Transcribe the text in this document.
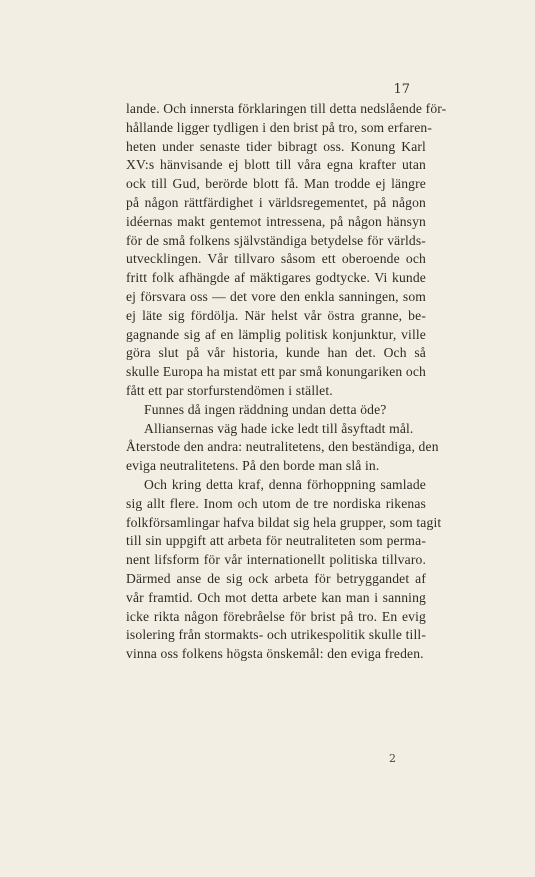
17
lande. Och innersta förklaringen till detta nedslående för-
hållande ligger tydligen i den brist på tro, som erfaren-
heten under senaste tider bibragt oss. Konung Karl
XV:s hänvisande ej blott till våra egna krafter utan
ock till Gud, berörde blott få. Man trodde ej längre
på någon rättfärdighet i världsregementet, på någon
idéernas makt gentemot intressena, på någon hänsyn
för de små folkens självständiga betydelse för världs-
utvecklingen. Vår tillvaro såsom ett oberoende och
fritt folk afhängde af mäktigares godtycke. Vi kunde
ej försvara oss — det vore den enkla sanningen, som
ej läte sig fördölja. När helst vår östra granne, be-
gagnande sig af en lämplig politisk konjunktur, ville
göra slut på vår historia, kunde han det. Och så
skulle Europa ha mistat ett par små konungariken och
fått ett par storfurstendömen i stället.
Funnes då ingen räddning undan detta öde?
Alliansernas väg hade icke ledt till åsyftadt mål.
Återstode den andra: neutralitetens, den beständiga, den
eviga neutralitetens. På den borde man slå in.
Och kring detta kraf, denna förhoppning samlade
sig allt flere. Inom och utom de tre nordiska rikenas
folkförsamlingar hafva bildat sig hela grupper, som tagit
till sin uppgift att arbeta för neutraliteten som perma-
nent lifsform för vår internationellt politiska tillvaro.
Därmed anse de sig ock arbeta för betryggandet af
vår framtid. Och mot detta arbete kan man i sanning
icke rikta någon förebråelse för brist på tro. En evig
isolering från stormakts- och utrikespolitik skulle till-
vinna oss folkens högsta önskemål: den eviga freden.
2
